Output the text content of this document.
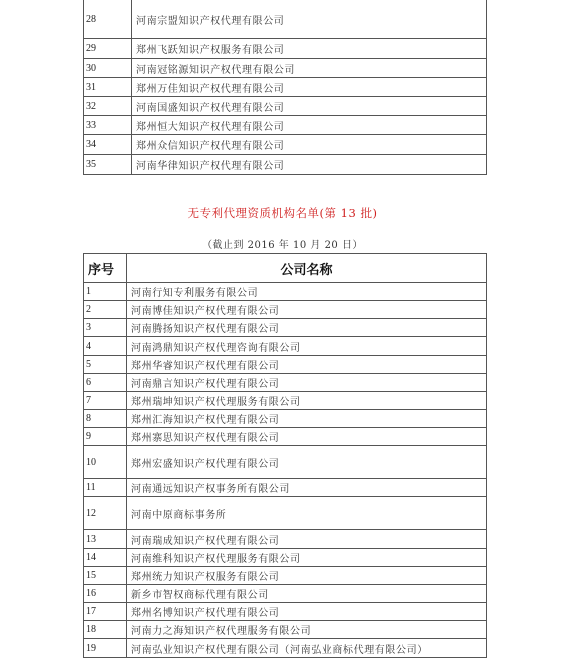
28	河南宗盟知识产权代理有限公司
29	郑州飞跃知识产权服务有限公司
30	河南冠铭源知识产权代理有限公司
31	郑州万佳知识产权代理有限公司
32	河南国盛知识产权代理有限公司
33	郑州恒大知识产权代理有限公司
34	郑州众信知识产权代理有限公司
35	河南华律知识产权代理有限公司
无专利代理资质机构名单(第 13 批)
（截止到 2016 年 10 月 20 日）
序号	公司名称
1	河南行知专利服务有限公司
2	河南博佳知识产权代理有限公司
3	河南腾扬知识产权代理有限公司
4	河南鸿鼎知识产权代理咨询有限公司
5	郑州华睿知识产权代理有限公司
6	河南鼎言知识产权代理有限公司
7	郑州瑞坤知识产权代理服务有限公司
8	郑州汇海知识产权代理有限公司
9	郑州寨思知识产权代理有限公司
10	郑州宏盛知识产权代理有限公司
11	河南通远知识产权事务所有限公司
12	河南中原商标事务所
13	河南瑞成知识产权代理有限公司
14	河南维科知识产权代理服务有限公司
15	郑州统力知识产权服务有限公司
16	新乡市智权商标代理有限公司
17	郑州名博知识产权代理有限公司
18	河南力之海知识产权代理服务有限公司
19	河南弘业知识产权代理有限公司（河南弘业商标代理有限公司）
